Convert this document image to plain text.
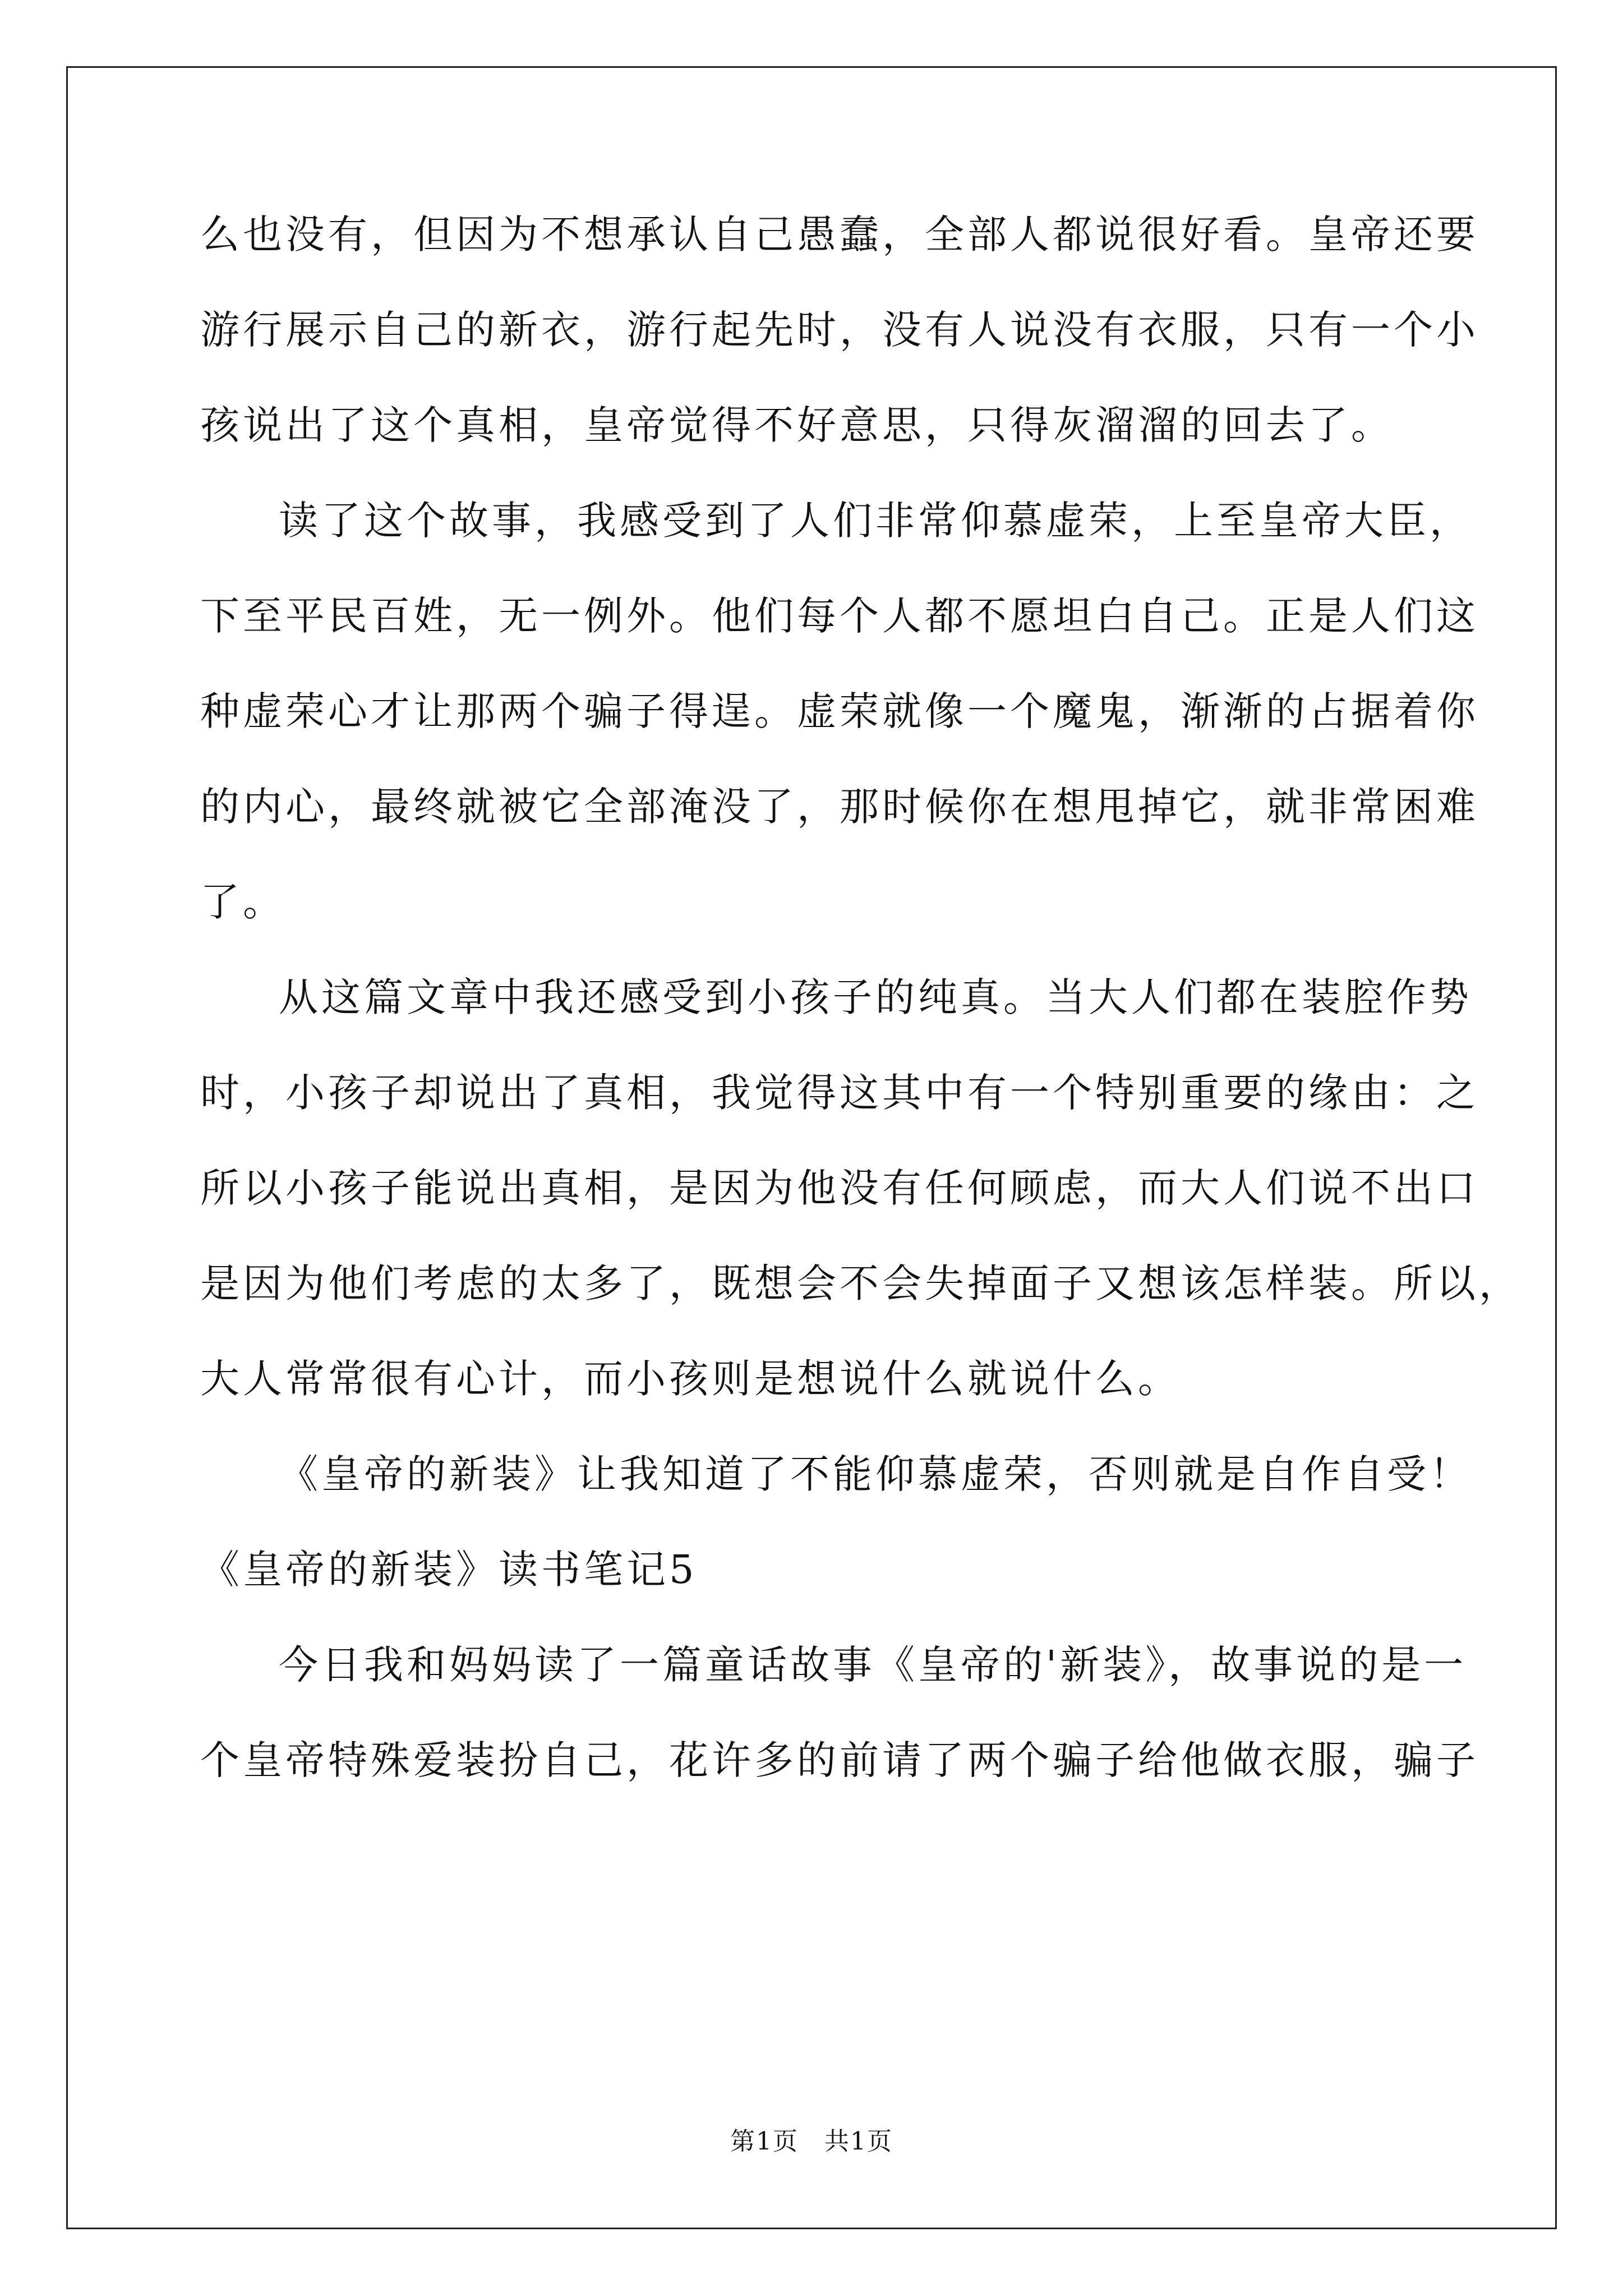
么也没有，但因为不想承认自己愚蠢，全部人都说很好看。皇帝还要
游行展示自己的新衣，游行起先时，没有人说没有衣服，只有一个小
孩说出了这个真相，皇帝觉得不好意思，只得灰溜溜的回去了。
读了这个故事，我感受到了人们非常仰慕虚荣，上至皇帝大臣，
下至平民百姓，无一例外。他们每个人都不愿坦白自己。正是人们这
种虚荣心才让那两个骗子得逞。虚荣就像一个魔鬼，渐渐的占据着你
的内心，最终就被它全部淹没了，那时候你在想甩掉它，就非常困难
了。
从这篇文章中我还感受到小孩子的纯真。当大人们都在装腔作势
时，小孩子却说出了真相，我觉得这其中有一个特别重要的缘由：之
所以小孩子能说出真相，是因为他没有任何顾虑，而大人们说不出口
是因为他们考虑的太多了，既想会不会失掉面子又想该怎样装。所以，
大人常常很有心计，而小孩则是想说什么就说什么。
《皇帝的新装》让我知道了不能仰慕虚荣，否则就是自作自受！
《皇帝的新装》读书笔记5
今日我和妈妈读了一篇童话故事《皇帝的'新装》，故事说的是一
个皇帝特殊爱装扮自己，花许多的前请了两个骗子给他做衣服，骗子
第1页　共1页
